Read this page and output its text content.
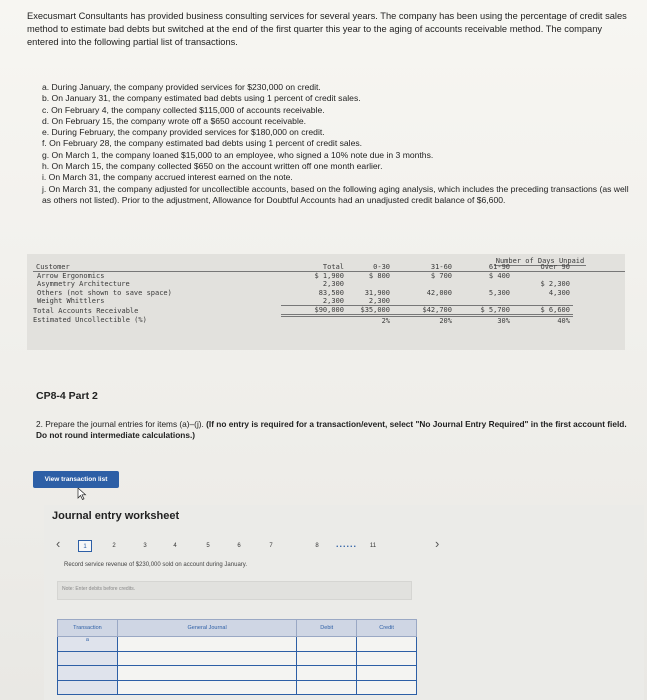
Execusmart Consultants has provided business consulting services for several years. The company has been using the percentage of credit sales method to estimate bad debts but switched at the end of the first quarter this year to the aging of accounts receivable method. The company entered into the following partial list of transactions.

a. During January, the company provided services for $230,000 on credit.
b. On January 31, the company estimated bad debts using 1 percent of credit sales.
c. On February 4, the company collected $115,000 of accounts receivable.
d. On February 15, the company wrote off a $650 account receivable.
e. During February, the company provided services for $180,000 on credit.
f. On February 28, the company estimated bad debts using 1 percent of credit sales.
g. On March 1, the company loaned $15,000 to an employee, who signed a 10% note due in 3 months.
h. On March 15, the company collected $650 on the account written off one month earlier.
i. On March 31, the company accrued interest earned on the note.
j. On March 31, the company adjusted for uncollectible accounts, based on the following aging analysis, which includes the preceding transactions (as well as others not listed). Prior to the adjustment, Allowance for Doubtful Accounts had an unadjusted credit balance of $6,600.
Number of Days Unpaid
Customer	Total	0-30	31-60	61-90	Over 90	
Arrow Ergonomics	$ 1,900	$ 800	$ 700	$ 400		
Asymmetry Architecture	2,300				$ 2,300	
Others (not shown to save space)	83,500	31,900	42,000	5,300	4,300	
Weight Whittlers	2,300	2,300				
Total Accounts Receivable	$90,000	$35,000	$42,700	$ 5,700	$ 6,600	
Estimated Uncollectible (%)		2%	20%	30%	40%	
CP8-4 Part 2
2. Prepare the journal entries for items (a)–(j). (If no entry is required for a transaction/event, select "No Journal Entry Required" in the first account field. Do not round intermediate calculations.)
View transaction list
Journal entry worksheet
‹	1	2	3	4	5	6	7	8	......	11	›
Record service revenue of $230,000 sold on account during January.
Note: Enter debits before credits.
Transaction	General Journal	Debit	Credit
a			
